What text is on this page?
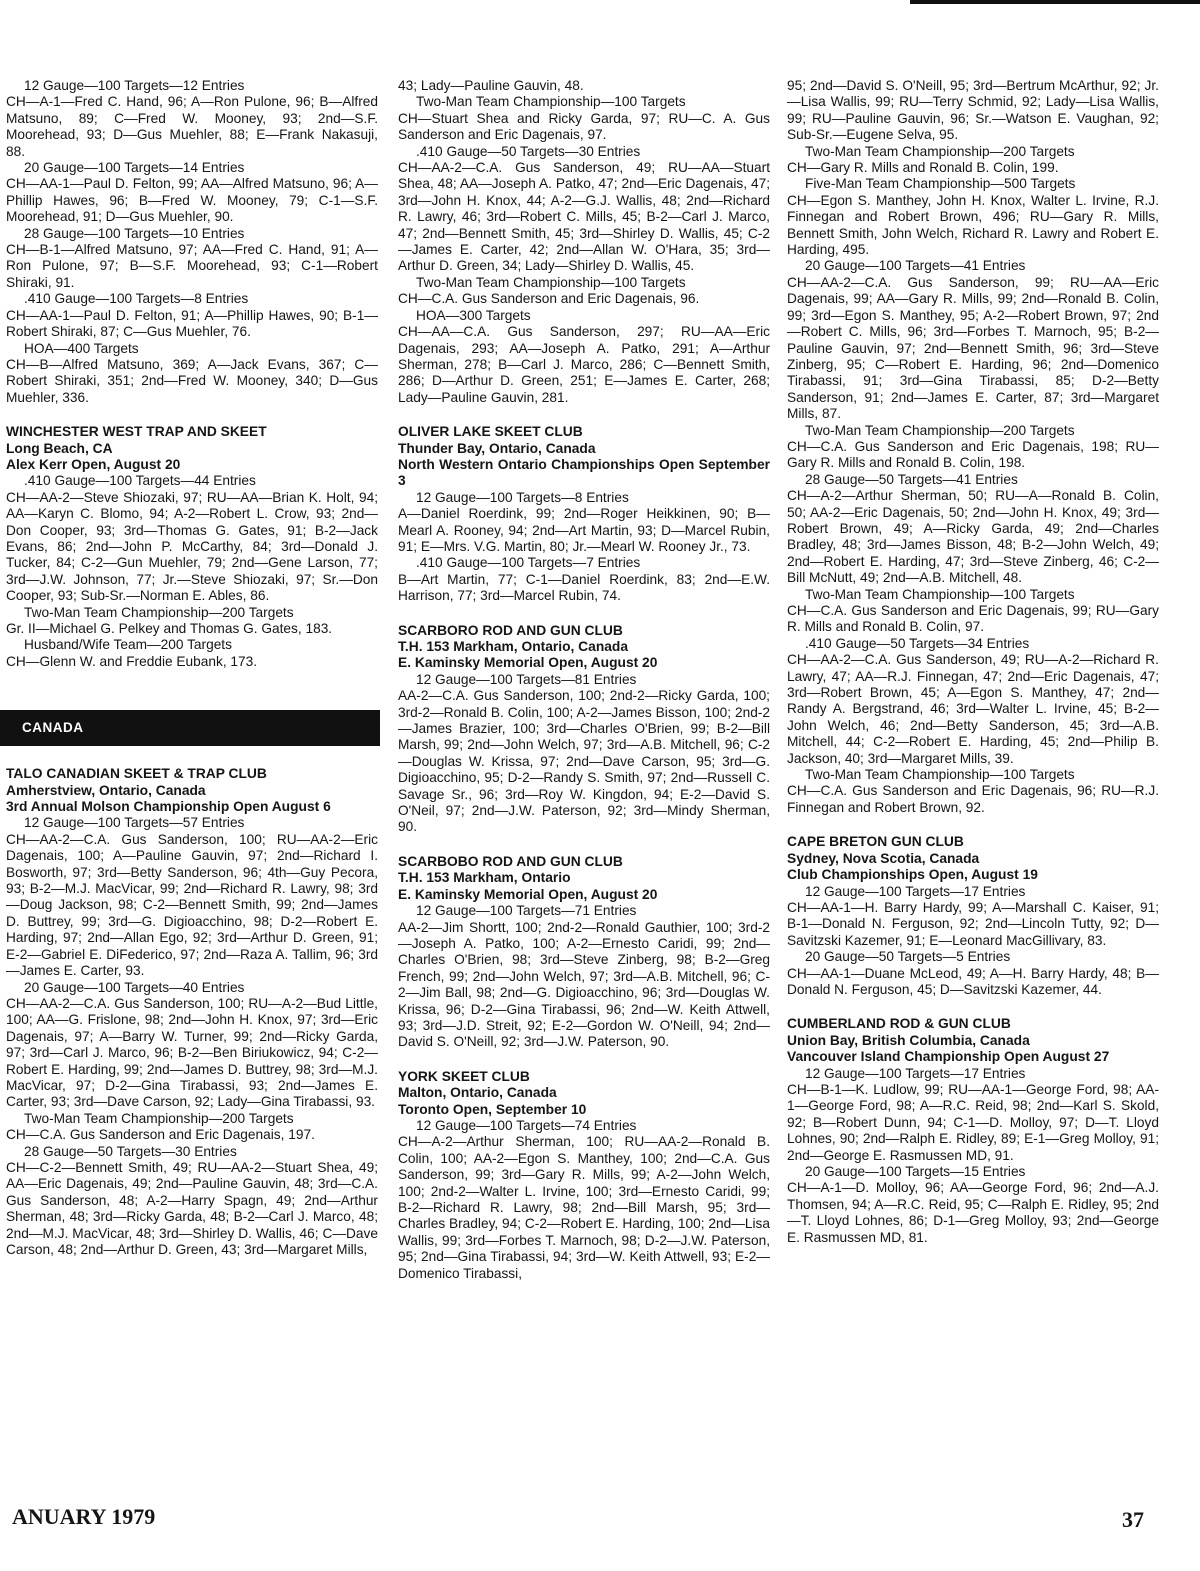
12 Gauge—100 Targets—12 Entries

CH—A-1—Fred C. Hand, 96; A—Ron Pulone, 96; B—Alfred Matsuno, 89; C—Fred W. Mooney, 93; 2nd—S.F. Moorehead, 93; D—Gus Muehler, 88; E—Frank Nakasuji, 88.

20 Gauge—100 Targets—14 Entries

CH—AA-1—Paul D. Felton, 99; AA—Alfred Matsuno, 96; A—Phillip Hawes, 96; B—Fred W. Mooney, 79; C-1—S.F. Moorehead, 91; D—Gus Muehler, 90.

28 Gauge—100 Targets—10 Entries

CH—B-1—Alfred Matsuno, 97; AA—Fred C. Hand, 91; A—Ron Pulone, 97; B—S.F. Moorehead, 93; C-1—Robert Shiraki, 91.

.410 Gauge—100 Targets—8 Entries

CH—AA-1—Paul D. Felton, 91; A—Phillip Hawes, 90; B-1—Robert Shiraki, 87; C—Gus Muehler, 76.

HOA—400 Targets

CH—B—Alfred Matsuno, 369; A—Jack Evans, 367; C—Robert Shiraki, 351; 2nd—Fred W. Mooney, 340; D—Gus Muehler, 336.

WINCHESTER WEST TRAP AND SKEET

Long Beach, CA

Alex Kerr Open, August 20

.410 Gauge—100 Targets—44 Entries

CH—AA-2—Steve Shiozaki, 97; RU—AA—Brian K. Holt, 94; AA—Karyn C. Blomo, 94; A-2—Robert L. Crow, 93; 2nd—Don Cooper, 93; 3rd—Thomas G. Gates, 91; B-2—Jack Evans, 86; 2nd—John P. McCarthy, 84; 3rd—Donald J. Tucker, 84; C-2—Gun Muehler, 79; 2nd—Gene Larson, 77; 3rd—J.W. Johnson, 77; Jr.—Steve Shiozaki, 97; Sr.—Don Cooper, 93; Sub-Sr.—Norman E. Ables, 86.

Two-Man Team Championship—200 Targets

Gr. II—Michael G. Pelkey and Thomas G. Gates, 183.

Husband/Wife Team—200 Targets

CH—Glenn W. and Freddie Eubank, 173.

CANADA

TALO CANADIAN SKEET & TRAP CLUB

Amherstview, Ontario, Canada

3rd Annual Molson Championship Open August 6

12 Gauge—100 Targets—57 Entries

CH—AA-2—C.A. Gus Sanderson, 100; RU—AA-2—Eric Dagenais, 100; A—Pauline Gauvin, 97; 2nd—Richard I. Bosworth, 97; 3rd—Betty Sanderson, 96; 4th—Guy Pecora, 93; B-2—M.J. MacVicar, 99; 2nd—Richard R. Lawry, 98; 3rd—Doug Jackson, 98; C-2—Bennett Smith, 99; 2nd—James D. Buttrey, 99; 3rd—G. Digioacchino, 98; D-2—Robert E. Harding, 97; 2nd—Allan Ego, 92; 3rd—Arthur D. Green, 91; E-2—Gabriel E. DiFederico, 97; 2nd—Raza A. Tallim, 96; 3rd—James E. Carter, 93.

20 Gauge—100 Targets—40 Entries

CH—AA-2—C.A. Gus Sanderson, 100; RU—A-2—Bud Little, 100; AA—G. Frislone, 98; 2nd—John H. Knox, 97; 3rd—Eric Dagenais, 97; A—Barry W. Turner, 99; 2nd—Ricky Garda, 97; 3rd—Carl J. Marco, 96; B-2—Ben Biriukowicz, 94; C-2—Robert E. Harding, 99; 2nd—James D. Buttrey, 98; 3rd—M.J. MacVicar, 97; D-2—Gina Tirabassi, 93; 2nd—James E. Carter, 93; 3rd—Dave Carson, 92; Lady—Gina Tirabassi, 93.

Two-Man Team Championship—200 Targets

CH—C.A. Gus Sanderson and Eric Dagenais, 197.

28 Gauge—50 Targets—30 Entries

CH—C-2—Bennett Smith, 49; RU—AA-2—Stuart Shea, 49; AA—Eric Dagenais, 49; 2nd—Pauline Gauvin, 48; 3rd—C.A. Gus Sanderson, 48; A-2—Harry Spagn, 49; 2nd—Arthur Sherman, 48; 3rd—Ricky Garda, 48; B-2—Carl J. Marco, 48; 2nd—M.J. MacVicar, 48; 3rd—Shirley D. Wallis, 46; C—Dave Carson, 48; 2nd—Arthur D. Green, 43; 3rd—Margaret Mills,

43; Lady—Pauline Gauvin, 48.

Two-Man Team Championship—100 Targets

CH—Stuart Shea and Ricky Garda, 97; RU—C. A. Gus Sanderson and Eric Dagenais, 97.

.410 Gauge—50 Targets—30 Entries

CH—AA-2—C.A. Gus Sanderson, 49; RU—AA—Stuart Shea, 48; AA—Joseph A. Patko, 47; 2nd—Eric Dagenais, 47; 3rd—John H. Knox, 44; A-2—G.J. Wallis, 48; 2nd—Richard R. Lawry, 46; 3rd—Robert C. Mills, 45; B-2—Carl J. Marco, 47; 2nd—Bennett Smith, 45; 3rd—Shirley D. Wallis, 45; C-2—James E. Carter, 42; 2nd—Allan W. O'Hara, 35; 3rd—Arthur D. Green, 34; Lady—Shirley D. Wallis, 45.

Two-Man Team Championship—100 Targets

CH—C.A. Gus Sanderson and Eric Dagenais, 96.

HOA—300 Targets

CH—AA—C.A. Gus Sanderson, 297; RU—AA—Eric Dagenais, 293; AA—Joseph A. Patko, 291; A—Arthur Sherman, 278; B—Carl J. Marco, 286; C—Bennett Smith, 286; D—Arthur D. Green, 251; E—James E. Carter, 268; Lady—Pauline Gauvin, 281.

OLIVER LAKE SKEET CLUB

Thunder Bay, Ontario, Canada

North Western Ontario Championships Open September 3

12 Gauge—100 Targets—8 Entries

A—Daniel Roerdink, 99; 2nd—Roger Heikkinen, 90; B—Mearl A. Rooney, 94; 2nd—Art Martin, 93; D—Marcel Rubin, 91; E—Mrs. V.G. Martin, 80; Jr.—Mearl W. Rooney Jr., 73.

.410 Gauge—100 Targets—7 Entries

B—Art Martin, 77; C-1—Daniel Roerdink, 83; 2nd—E.W. Harrison, 77; 3rd—Marcel Rubin, 74.

SCARBORO ROD AND GUN CLUB

T.H. 153 Markham, Ontario, Canada

E. Kaminsky Memorial Open, August 20

12 Gauge—100 Targets—81 Entries

AA-2—C.A. Gus Sanderson, 100; 2nd-2—Ricky Garda, 100; 3rd-2—Ronald B. Colin, 100; A-2—James Bisson, 100; 2nd-2—James Brazier, 100; 3rd—Charles O'Brien, 99; B-2—Bill Marsh, 99; 2nd—John Welch, 97; 3rd—A.B. Mitchell, 96; C-2—Douglas W. Krissa, 97; 2nd—Dave Carson, 95; 3rd—G. Digioacchino, 95; D-2—Randy S. Smith, 97; 2nd—Russell C. Savage Sr., 96; 3rd—Roy W. Kingdon, 94; E-2—David S. O'Neil, 97; 2nd—J.W. Paterson, 92; 3rd—Mindy Sherman, 90.

SCARBOBO ROD AND GUN CLUB

T.H. 153 Markham, Ontario

E. Kaminsky Memorial Open, August 20

12 Gauge—100 Targets—71 Entries

AA-2—Jim Shortt, 100; 2nd-2—Ronald Gauthier, 100; 3rd-2—Joseph A. Patko, 100; A-2—Ernesto Caridi, 99; 2nd—Charles O'Brien, 98; 3rd—Steve Zinberg, 98; B-2—Greg French, 99; 2nd—John Welch, 97; 3rd—A.B. Mitchell, 96; C-2—Jim Ball, 98; 2nd—G. Digioacchino, 96; 3rd—Douglas W. Krissa, 96; D-2—Gina Tirabassi, 96; 2nd—W. Keith Attwell, 93; 3rd—J.D. Streit, 92; E-2—Gordon W. O'Neill, 94; 2nd—David S. O'Neill, 92; 3rd—J.W. Paterson, 90.

YORK SKEET CLUB

Malton, Ontario, Canada

Toronto Open, September 10

12 Gauge—100 Targets—74 Entries

CH—A-2—Arthur Sherman, 100; RU—AA-2—Ronald B. Colin, 100; AA-2—Egon S. Manthey, 100; 2nd—C.A. Gus Sanderson, 99; 3rd—Gary R. Mills, 99; A-2—John Welch, 100; 2nd-2—Walter L. Irvine, 100; 3rd—Ernesto Caridi, 99; B-2—Richard R. Lawry, 98; 2nd—Bill Marsh, 95; 3rd—Charles Bradley, 94; C-2—Robert E. Harding, 100; 2nd—Lisa Wallis, 99; 3rd—Forbes T. Marnoch, 98; D-2—J.W. Paterson, 95; 2nd—Gina Tirabassi, 94; 3rd—W. Keith Attwell, 93; E-2—Domenico Tirabassi,

95; 2nd—David S. O'Neill, 95; 3rd—Bertrum McArthur, 92; Jr.—Lisa Wallis, 99; RU—Terry Schmid, 92; Lady—Lisa Wallis, 99; RU—Pauline Gauvin, 96; Sr.—Watson E. Vaughan, 92; Sub-Sr.—Eugene Selva, 95.

Two-Man Team Championship—200 Targets

CH—Gary R. Mills and Ronald B. Colin, 199.

Five-Man Team Championship—500 Targets

CH—Egon S. Manthey, John H. Knox, Walter L. Irvine, R.J. Finnegan and Robert Brown, 496; RU—Gary R. Mills, Bennett Smith, John Welch, Richard R. Lawry and Robert E. Harding, 495.

20 Gauge—100 Targets—41 Entries

CH—AA-2—C.A. Gus Sanderson, 99; RU—AA—Eric Dagenais, 99; AA—Gary R. Mills, 99; 2nd—Ronald B. Colin, 99; 3rd—Egon S. Manthey, 95; A-2—Robert Brown, 97; 2nd—Robert C. Mills, 96; 3rd—Forbes T. Marnoch, 95; B-2—Pauline Gauvin, 97; 2nd—Bennett Smith, 96; 3rd—Steve Zinberg, 95; C—Robert E. Harding, 96; 2nd—Domenico Tirabassi, 91; 3rd—Gina Tirabassi, 85; D-2—Betty Sanderson, 91; 2nd—James E. Carter, 87; 3rd—Margaret Mills, 87.

Two-Man Team Championship—200 Targets

CH—C.A. Gus Sanderson and Eric Dagenais, 198; RU—Gary R. Mills and Ronald B. Colin, 198.

28 Gauge—50 Targets—41 Entries

CH—A-2—Arthur Sherman, 50; RU—A—Ronald B. Colin, 50; AA-2—Eric Dagenais, 50; 2nd—John H. Knox, 49; 3rd—Robert Brown, 49; A—Ricky Garda, 49; 2nd—Charles Bradley, 48; 3rd—James Bisson, 48; B-2—John Welch, 49; 2nd—Robert E. Harding, 47; 3rd—Steve Zinberg, 46; C-2—Bill McNutt, 49; 2nd—A.B. Mitchell, 48.

Two-Man Team Championship—100 Targets

CH—C.A. Gus Sanderson and Eric Dagenais, 99; RU—Gary R. Mills and Ronald B. Colin, 97.

.410 Gauge—50 Targets—34 Entries

CH—AA-2—C.A. Gus Sanderson, 49; RU—A-2—Richard R. Lawry, 47; AA—R.J. Finnegan, 47; 2nd—Eric Dagenais, 47; 3rd—Robert Brown, 45; A—Egon S. Manthey, 47; 2nd—Randy A. Bergstrand, 46; 3rd—Walter L. Irvine, 45; B-2—John Welch, 46; 2nd—Betty Sanderson, 45; 3rd—A.B. Mitchell, 44; C-2—Robert E. Harding, 45; 2nd—Philip B. Jackson, 40; 3rd—Margaret Mills, 39.

Two-Man Team Championship—100 Targets

CH—C.A. Gus Sanderson and Eric Dagenais, 96; RU—R.J. Finnegan and Robert Brown, 92.

CAPE BRETON GUN CLUB

Sydney, Nova Scotia, Canada

Club Championships Open, August 19

12 Gauge—100 Targets—17 Entries

CH—AA-1—H. Barry Hardy, 99; A—Marshall C. Kaiser, 91; B-1—Donald N. Ferguson, 92; 2nd—Lincoln Tutty, 92; D—Savitzski Kazemer, 91; E—Leonard MacGillivary, 83.

20 Gauge—50 Targets—5 Entries

CH—AA-1—Duane McLeod, 49; A—H. Barry Hardy, 48; B—Donald N. Ferguson, 45; D—Savitzski Kazemer, 44.

CUMBERLAND ROD & GUN CLUB

Union Bay, British Columbia, Canada

Vancouver Island Championship Open August 27

12 Gauge—100 Targets—17 Entries

CH—B-1—K. Ludlow, 99; RU—AA-1—George Ford, 98; AA-1—George Ford, 98; A—R.C. Reid, 98; 2nd—Karl S. Skold, 92; B—Robert Dunn, 94; C-1—D. Molloy, 97; D—T. Lloyd Lohnes, 90; 2nd—Ralph E. Ridley, 89; E-1—Greg Molloy, 91; 2nd—George E. Rasmussen MD, 91.

20 Gauge—100 Targets—15 Entries

CH—A-1—D. Molloy, 96; AA—George Ford, 96; 2nd—A.J. Thomsen, 94; A—R.C. Reid, 95; C—Ralph E. Ridley, 95; 2nd—T. Lloyd Lohnes, 86; D-1—Greg Molloy, 93; 2nd—George E. Rasmussen MD, 81.

ANUARY 1979	37
